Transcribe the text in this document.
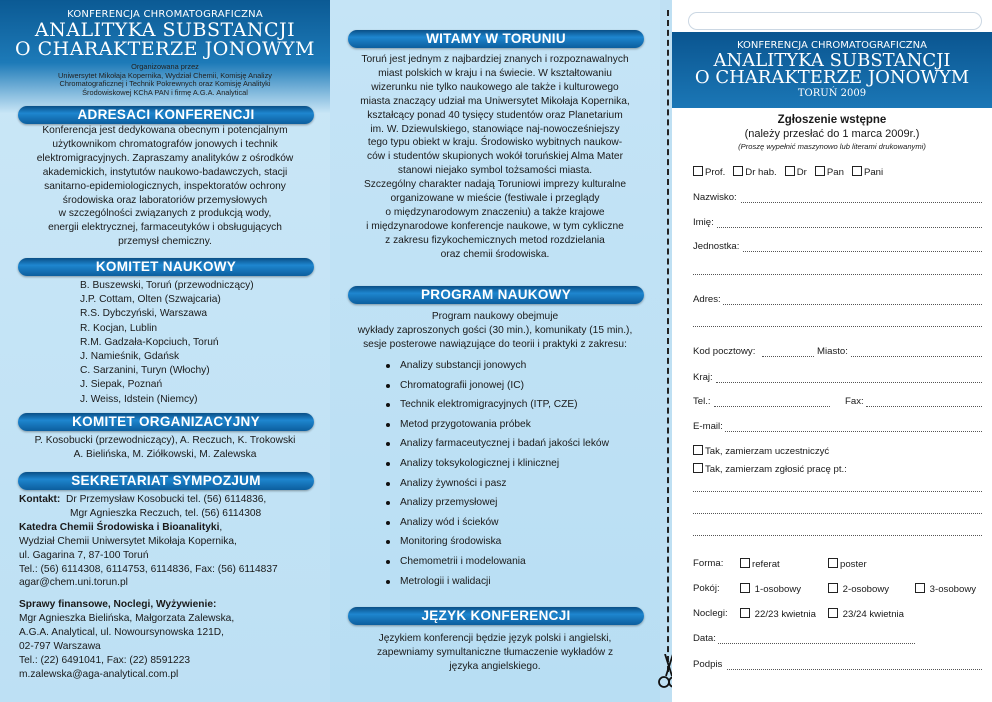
KONFERENCJA CHROMATOGRAFICZNA
ANALITYKA SUBSTANCJI
O CHARAKTERZE JONOWYM
Organizowana przez
Uniwersytet Mikołaja Kopernika, Wydział Chemii, Komisję Analizy
Chromatograficznej i Technik Pokrewnych oraz Komisję Analityki
Środowiskowej KChA PAN i firmę A.G.A. Analytical
ADRESACI KONFERENCJI
Konferencja jest dedykowana obecnym i potencjalnym
użytkownikom chromatografów jonowych i technik
elektromigracyjnych. Zapraszamy analityków z ośrodków
akademickich, instytutów naukowo-badawczych, stacji
sanitarno-epidemiologicznych, inspektoratów ochrony
środowiska oraz laboratoriów przemysłowych
w szczególności związanych z produkcją wody,
energii elektrycznej, farmaceutyków i obsługujących
przemysł chemiczny.
KOMITET NAUKOWY
B. Buszewski, Toruń (przewodniczący)
J.P. Cottam, Olten (Szwajcaria)
R.S. Dybczyński, Warszawa
R. Kocjan, Lublin
R.M. Gadzała-Kopciuch, Toruń
J. Namieśnik, Gdańsk
C. Sarzanini, Turyn (Włochy)
J. Siepak, Poznań
J. Weiss, Idstein (Niemcy)
KOMITET ORGANIZACYJNY
P. Kosobucki (przewodniczący), A. Reczuch, K. Trokowski
A. Bielińska, M. Ziółkowski, M. Zalewska
SEKRETARIAT SYMPOZJUM
Kontakt: Dr Przemysław Kosobucki tel. (56) 6114836,
Mgr Agnieszka Reczuch, tel. (56) 6114308
Katedra Chemii Środowiska i Bioanalityki,
Wydział Chemii Uniwersytet Mikołaja Kopernika,
ul. Gagarina 7, 87-100 Toruń
Tel.: (56) 6114308, 6114753, 6114836, Fax: (56) 6114837
agar@chem.uni.torun.pl
Sprawy finansowe, Noclegi, Wyżywienie:
Mgr Agnieszka Bielińska, Małgorzata Zalewska,
A.G.A. Analytical, ul. Nowoursynowska 121D,
02-797 Warszawa
Tel.: (22) 6491041, Fax: (22) 8591223
m.zalewska@aga-analytical.com.pl
WITAMY W TORUNIU
Toruń jest jednym z najbardziej znanych i rozpoznawalnych
miast polskich w kraju i na świecie. W kształtowaniu
wizerunku nie tylko naukowego ale także i kulturowego
miasta znaczący udział ma Uniwersytet Mikołaja Kopernika,
kształcący ponad 40 tysięcy studentów oraz Planetarium
im. W. Dziewulskiego, stanowiące naj-nowocześniejszy
tego typu obiekt w kraju. Środowisko wybitnych naukow-
ców i studentów skupionych wokół toruńskiej Alma Mater
stanowi niejako symbol tożsamości miasta.
Szczególny charakter nadają Toruniowi imprezy kulturalne
organizowane w mieście (festiwale i przeglądy
o międzynarodowym znaczeniu) a także krajowe
i międzynarodowe konferencje naukowe, w tym cykliczne
z zakresu fizykochemicznych metod rozdzielania
oraz chemii środowiska.
PROGRAM NAUKOWY
Program naukowy obejmuje
wykłady zaproszonych gości (30 min.), komunikaty (15 min.),
sesje posterowe nawiązujące do teorii i praktyki z zakresu:
Analizy substancji jonowych
Chromatografii jonowej (IC)
Technik elektromigracyjnych (ITP, CZE)
Metod przygotowania próbek
Analizy farmaceutycznej i badań jakości leków
Analizy toksykologicznej i klinicznej
Analizy żywności i pasz
Analizy przemysłowej
Analizy wód i ścieków
Monitoring środowiska
Chemometrii i modelowania
Metrologii i walidacji
JĘZYK KONFERENCJI
Językiem konferencji będzie język polski i angielski,
zapewniamy symultaniczne tłumaczenie wykładów z
języka angielskiego.
KONFERENCJA CHROMATOGRAFICZNA
ANALITYKA SUBSTANCJI
O CHARAKTERZE JONOWYM
TORUŃ 2009
Zgłoszenie wstępne
(należy przesłać do 1 marca 2009r.)
(Proszę wypełnić maszynowo lub literami drukowanymi)
Prof. Dr hab. Dr Pan Pani
Nazwisko:
Imię:
Jednostka:
Adres:
Kod pocztowy:	Miasto:
Kraj:
Tel.:	Fax:
E-mail:
Tak, zamierzam uczestniczyć
Tak, zamierzam zgłosić pracę pt.:
Forma:	referat	poster
Pokój:	1-osobowy	2-osobowy	3-osobowy
Noclegi:	22/23 kwietnia	23/24 kwietnia
Data:
Podpis
